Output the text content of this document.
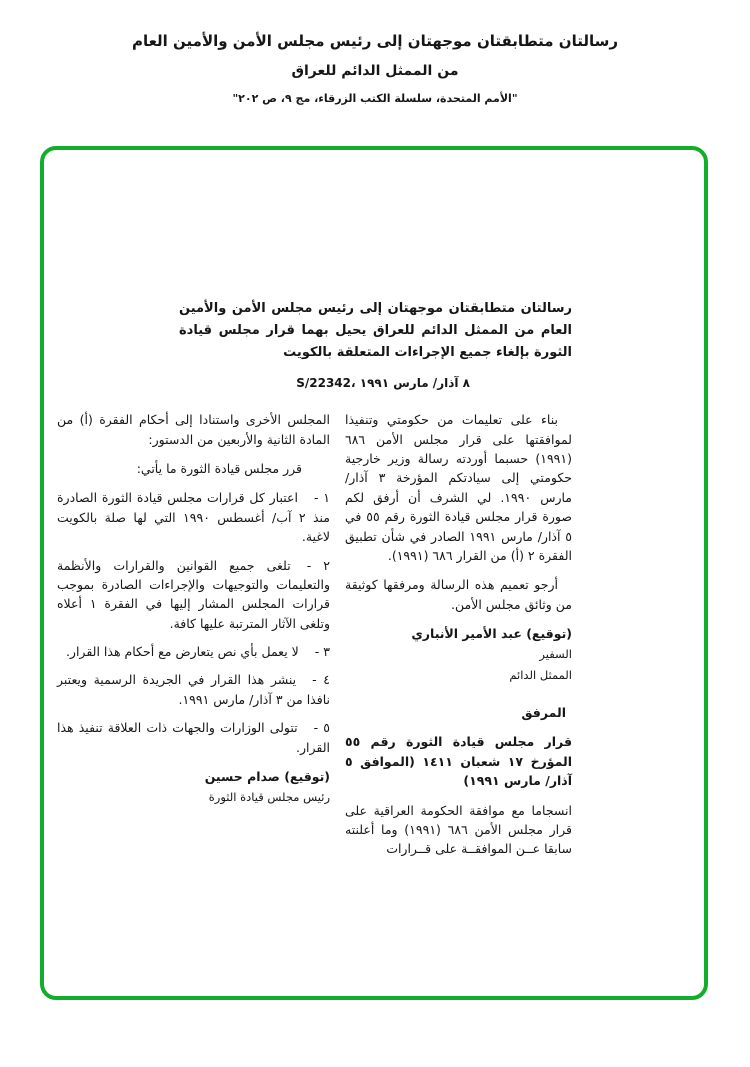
رسالتان متطابقتان موجهتان إلى رئيس مجلس الأمن والأمين العام
من الممثل الدائم للعراق
"الأمم المتحدة، سلسلة الكتب الزرقاء، مج ٩، ص ٢٠٢"

رسالتان متطابقتان موجهتان إلى رئيس مجلس الأمن والأمين العام من الممثل الدائم للعراق يحيل بهما قرار مجلس قيادة الثورة بإلغاء جميع الإجراءات المتعلقة بالكويت

S/22342، ٨ آذار/ مارس ١٩٩١

بناء على تعليمات من حكومتي وتنفيذا لموافقتها على قرار مجلس الأمن ٦٨٦ (١٩٩١) حسبما أوردته رسالة وزير خارجية حكومتي إلى سيادتكم المؤرخة ٣ آذار/ مارس ١٩٩٠. لي الشرف أن أرفق لكم صورة قرار مجلس قيادة الثورة رقم ٥٥ في ٥ آذار/ مارس ١٩٩١ الصادر في شأن تطبيق الفقرة ٢ (أ) من القرار ٦٨٦ (١٩٩١).

أرجو تعميم هذه الرسالة ومرفقها كوثيقة من وثائق مجلس الأمن.

(توقيع) عبد الأمير الأنباري
السفير
الممثل الدائم
المرفق

قرار مجلس قيادة الثورة رقم ٥٥ المؤرخ ١٧ شعبان ١٤١١ (الموافق ٥ آذار/ مارس ١٩٩١)

انسجاما مع موافقة الحكومة العراقية على قرار مجلس الأمن ٦٨٦ (١٩٩١) وما أعلنته سابقا عــن الموافقــة على قــرارات

المجلس الأخرى واستنادا إلى أحكام الفقرة (أ) من المادة الثانية والأربعين من الدستور:

قرر مجلس قيادة الثورة ما يأتي:

١ -اعتبار كل قرارات مجلس قيادة الثورة الصادرة منذ ٢ آب/ أغسطس ١٩٩٠ التي لها صلة بالكويت لاغية.

٢ -تلغى جميع القوانين والقرارات والأنظمة والتعليمات والتوجيهات والإجراءات الصادرة بموجب قرارات المجلس المشار إليها في الفقرة ١ أعلاه وتلغى الآثار المترتبة عليها كافة.

٣ -لا يعمل بأي نص يتعارض مع أحكام هذا القرار.

٤ -ينشر هذا القرار في الجريدة الرسمية ويعتبر نافذا من ٣ آذار/ مارس ١٩٩١.

٥ -تتولى الوزارات والجهات ذات العلاقة تنفيذ هذا القرار.

(توقيع) صدام حسين
رئيس مجلس قيادة الثورة
